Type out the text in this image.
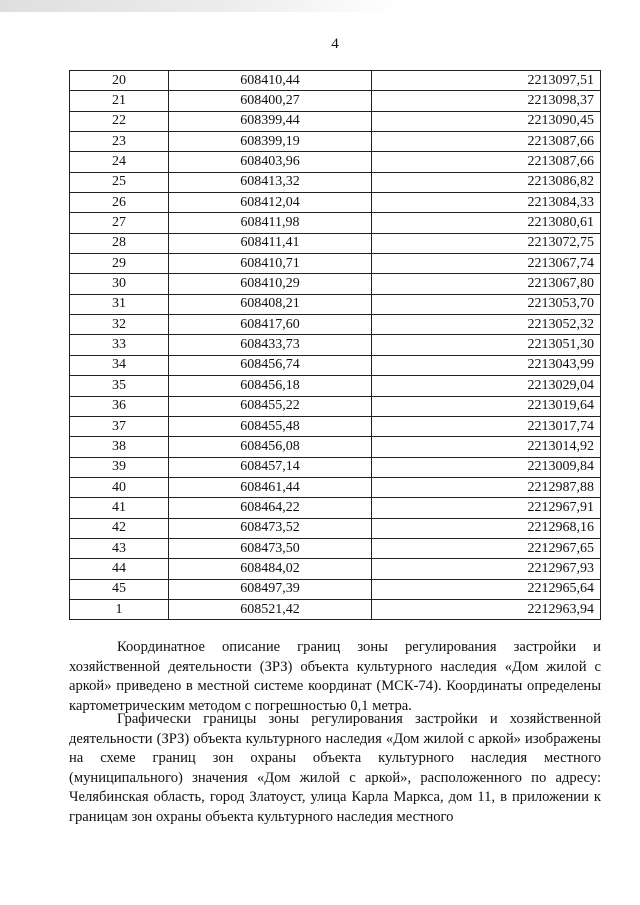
4
20	608410,44	2213097,51
21	608400,27	2213098,37
22	608399,44	2213090,45
23	608399,19	2213087,66
24	608403,96	2213087,66
25	608413,32	2213086,82
26	608412,04	2213084,33
27	608411,98	2213080,61
28	608411,41	2213072,75
29	608410,71	2213067,74
30	608410,29	2213067,80
31	608408,21	2213053,70
32	608417,60	2213052,32
33	608433,73	2213051,30
34	608456,74	2213043,99
35	608456,18	2213029,04
36	608455,22	2213019,64
37	608455,48	2213017,74
38	608456,08	2213014,92
39	608457,14	2213009,84
40	608461,44	2212987,88
41	608464,22	2212967,91
42	608473,52	2212968,16
43	608473,50	2212967,65
44	608484,02	2212967,93
45	608497,39	2212965,64
1	608521,42	2212963,94

Координатное описание границ зоны регулирования застройки и хозяйственной деятельности (ЗРЗ) объекта культурного наследия «Дом жилой с аркой» приведено в местной системе координат (МСК-74). Координаты определены картометрическим методом с погрешностью 0,1 метра.

Графически границы зоны регулирования застройки и хозяйственной деятельности (ЗРЗ) объекта культурного наследия «Дом жилой с аркой» изображены на схеме границ зон охраны объекта культурного наследия местного (муниципального) значения «Дом жилой с аркой», расположенного по адресу: Челябинская область, город Златоуст, улица Карла Маркса, дом 11, в приложении к границам зон охраны объекта культурного наследия местного
